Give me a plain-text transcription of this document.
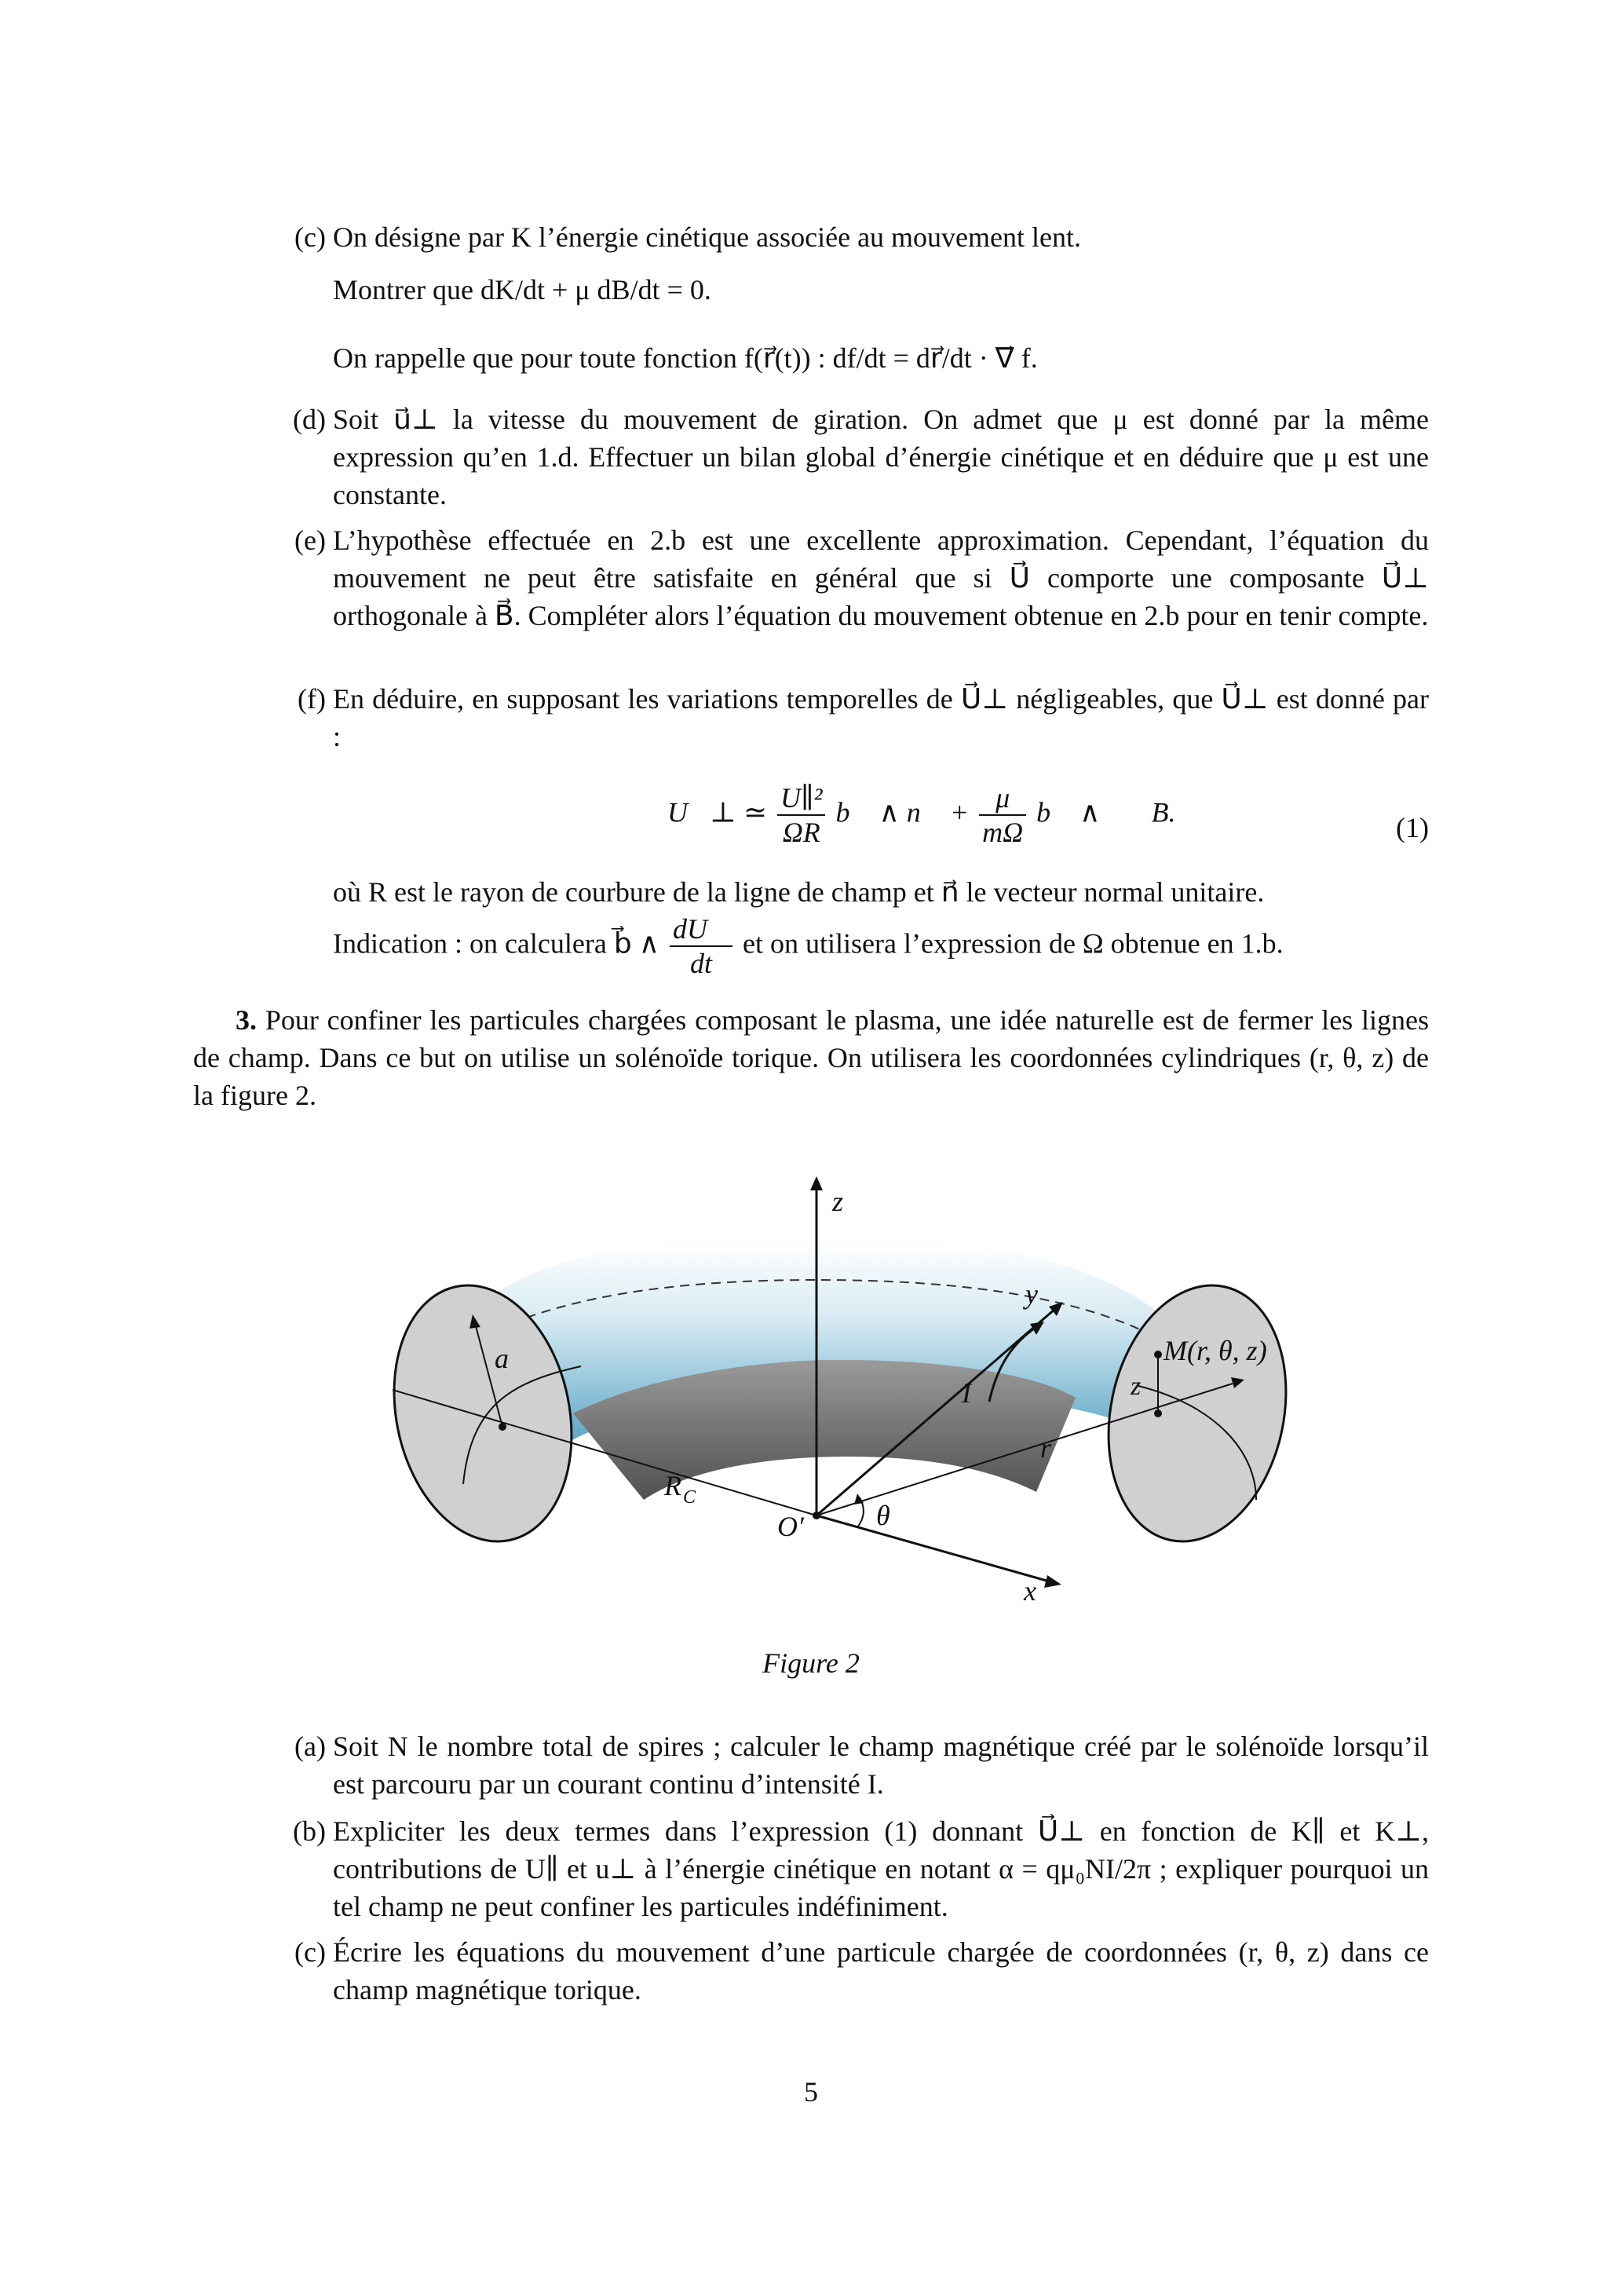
(c) On désigne par K l’énergie cinétique associée au mouvement lent.
Montrer que dK/dt + μ dB/dt = 0.
On rappelle que pour toute fonction f(r⃗(t)) : df/dt = dr⃗/dt · ∇⃗ f.
(d) Soit u⃗⊥ la vitesse du mouvement de giration. On admet que μ est donné par la même expression qu’en 1.d. Effectuer un bilan global d’énergie cinétique et en déduire que μ est une constante.
(e) L’hypothèse effectuée en 2.b est une excellente approximation. Cependant, l’équation du mouvement ne peut être satisfaite en général que si U⃗ comporte une composante U⃗⊥ orthogonale à B⃗. Compléter alors l’équation du mouvement obtenue en 2.b pour en tenir compte.
(f) En déduire, en supposant les variations temporelles de U⃗⊥ négligeables, que U⃗⊥ est donné par :
U⃗⊥ ≃ $\frac{\text{U∥²}}{\Omega R}$ b⃗ ∧ n⃗ + $\frac{\mu}{m\Omega}$ b⃗ ∧ ∇⃗B.	(1)
où R est le rayon de courbure de la ligne de champ et n⃗ le vecteur normal unitaire.
Indication : on calculera b⃗ ∧ $\frac{dU⃗}{dt}$ et on utilisera l’expression de Ω obtenue en 1.b.
3. Pour confiner les particules chargées composant le plasma, une idée naturelle est de fermer les lignes de champ. Dans ce but on utilise un solénoïde torique. On utilisera les coordonnées cylindriques (r, θ, z) de la figure 2.
z
y
x
a
I
M(r, θ, z)
z
r
R C
O′	θ
Figure 2
(a) Soit N le nombre total de spires ; calculer le champ magnétique créé par le solénoïde lorsqu’il est parcouru par un courant continu d’intensité I.
(b) Expliciter les deux termes dans l’expression (1) donnant U⃗⊥ en fonction de K∥ et K⊥, contributions de U∥ et u⊥ à l’énergie cinétique en notant α = qμ₀NI/2π ; expliquer pourquoi un tel champ ne peut confiner les particules indéfiniment.
(c) Écrire les équations du mouvement d’une particule chargée de coordonnées (r, θ, z) dans ce champ magnétique torique.
5
